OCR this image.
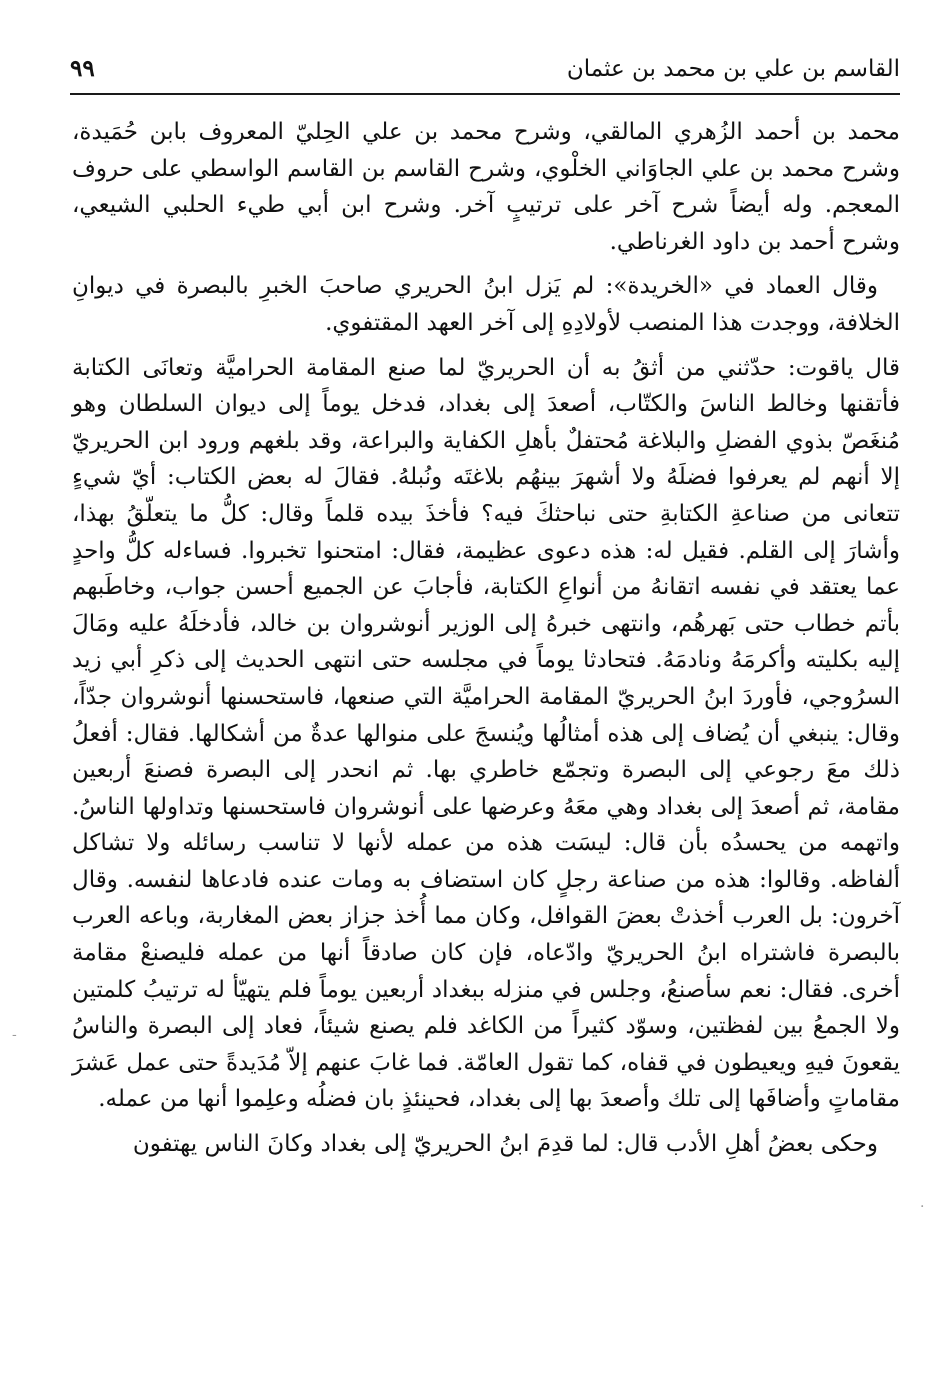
القاسم بن علي بن محمد بن عثمان
٩٩

محمد بن أحمد الزُهري المالقي، وشرح محمد بن علي الحِليّ المعروف بابن حُمَيدة، وشرح محمد بن علي الجاوَاني الخلْوي، وشرح القاسم بن القاسم الواسطي على حروف المعجم. وله أيضاً شرح آخر على ترتيبٍ آخر. وشرح ابن أبي طيء الحلبي الشيعي، وشرح أحمد بن داود الغرناطي.

وقال العماد في «الخريدة»: لم يَزل ابنُ الحريري صاحبَ الخبرِ بالبصرة في ديوانِ الخلافة، ووجدت هذا المنصب لأولادِهِ إلى آخر العهد المقتفوي.

قال ياقوت: حدّثني من أثقُ به أن الحريريّ لما صنع المقامة الحراميَّة وتعانَى الكتابة فأتقنها وخالط الناسَ والكتّاب، أصعدَ إلى بغداد، فدخل يوماً إلى ديوان السلطان وهو مُنغَصّ بذوي الفضلِ والبلاغة مُحتفلٌ بأهلِ الكفاية والبراعة، وقد بلغهم ورود ابن الحريريّ إلا أنهم لم يعرفوا فضلَهُ ولا أشهرَ بينهُم بلاغتَه ونُبلهُ. فقالَ له بعض الكتاب: أيّ شيءٍ تتعانى من صناعةِ الكتابةِ حتى نباحثكَ فيه؟ فأخذَ بيده قلماً وقال: كلُّ ما يتعلّقُ بهذا، وأشارَ إلى القلم. فقيل له: هذه دعوى عظيمة، فقال: امتحنوا تخبروا. فساءله كلُّ واحدٍ عما يعتقد في نفسه اتقانهُ من أنواعِ الكتابة، فأجابَ عن الجميع أحسن جواب، وخاطَبهم بأتم خطاب حتى بَهرهُم، وانتهى خبرهُ إلى الوزير أنوشروان بن خالد، فأدخلَهُ عليه ومَالَ إليه بكليته وأكرمَهُ ونادمَهُ. فتحادثا يوماً في مجلسه حتى انتهى الحديث إلى ذكرِ أبي زيد السرُوجي، فأوردَ ابنُ الحريريّ المقامة الحراميَّة التي صنعها، فاستحسنها أنوشروان جدّاً، وقال: ينبغي أن يُضاف إلى هذه أمثالُها ويُنسجَ على منوالها عدةٌ من أشكالها. فقال: أفعلُ ذلك معَ رجوعي إلى البصرة وتجمّع خاطري بها. ثم انحدر إلى البصرة فصنعَ أربعين مقامة، ثم أصعدَ إلى بغداد وهي معَهُ وعرضها على أنوشروان فاستحسنها وتداولها الناسُ. واتهمه من يحسدُه بأن قال: ليسَت هذه من عمله لأنها لا تناسب رسائله ولا تشاكل ألفاظه. وقالوا: هذه من صناعة رجلٍ كان استضاف به ومات عنده فادعاها لنفسه. وقال آخرون: بل العرب أخذتْ بعضَ القوافل، وكان مما أُخذ جزاز بعض المغاربة، وباعه العرب بالبصرة فاشتراه ابنُ الحريريّ وادّعاه، فإن كان صادقاً أنها من عمله فليصنعْ مقامة أخرى. فقال: نعم سأصنعُ، وجلس في منزله ببغداد أربعين يوماً فلم يتهيّأ له ترتيبُ كلمتين ولا الجمعُ بين لفظتين، وسوّد كثيراً من الكاغد فلم يصنع شيئاً، فعاد إلى البصرة والناسُ يقعونَ فيهِ ويعيطون في قفاه، كما تقول العامّة. فما غابَ عنهم إلاّ مُدَيدةً حتى عمل عَشرَ مقاماتٍ وأضافَها إلى تلك وأصعدَ بها إلى بغداد، فحينئذٍ بان فضلُه وعلِموا أنها من عمله.

وحكى بعضُ أهلِ الأدب قال: لما قدِمَ ابنُ الحريريّ إلى بغداد وكانَ الناس يهتفون

-
·
